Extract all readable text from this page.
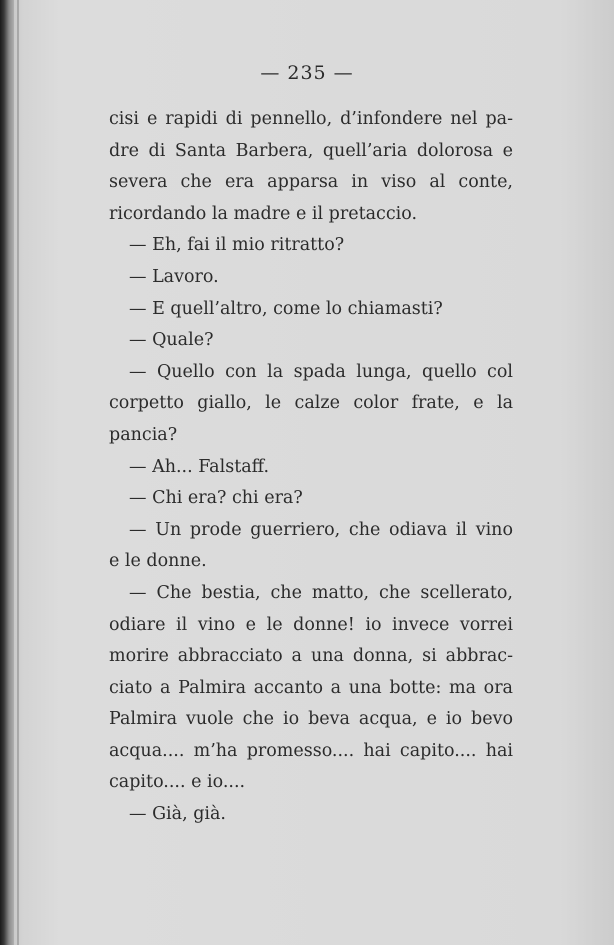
— 235 —
cisi e rapidi di pennello, d’infondere nel pa-
dre di Santa Barbera, quell’aria dolorosa e
severa che era apparsa in viso al conte,
ricordando la madre e il pretaccio.
— Eh, fai il mio ritratto?
— Lavoro.
— E quell’altro, come lo chiamasti?
— Quale?
— Quello con la spada lunga, quello col
corpetto giallo, le calze color frate, e la
pancia?
— Ah... Falstaff.
— Chi era? chi era?
— Un prode guerriero, che odiava il vino
e le donne.
— Che bestia, che matto, che scellerato,
odiare il vino e le donne! io invece vorrei
morire abbracciato a una donna, si abbrac-
ciato a Palmira accanto a una botte: ma ora
Palmira vuole che io beva acqua, e io bevo
acqua.... m’ha promesso.... hai capito.... hai
capito.... e io....
— Già, già.
